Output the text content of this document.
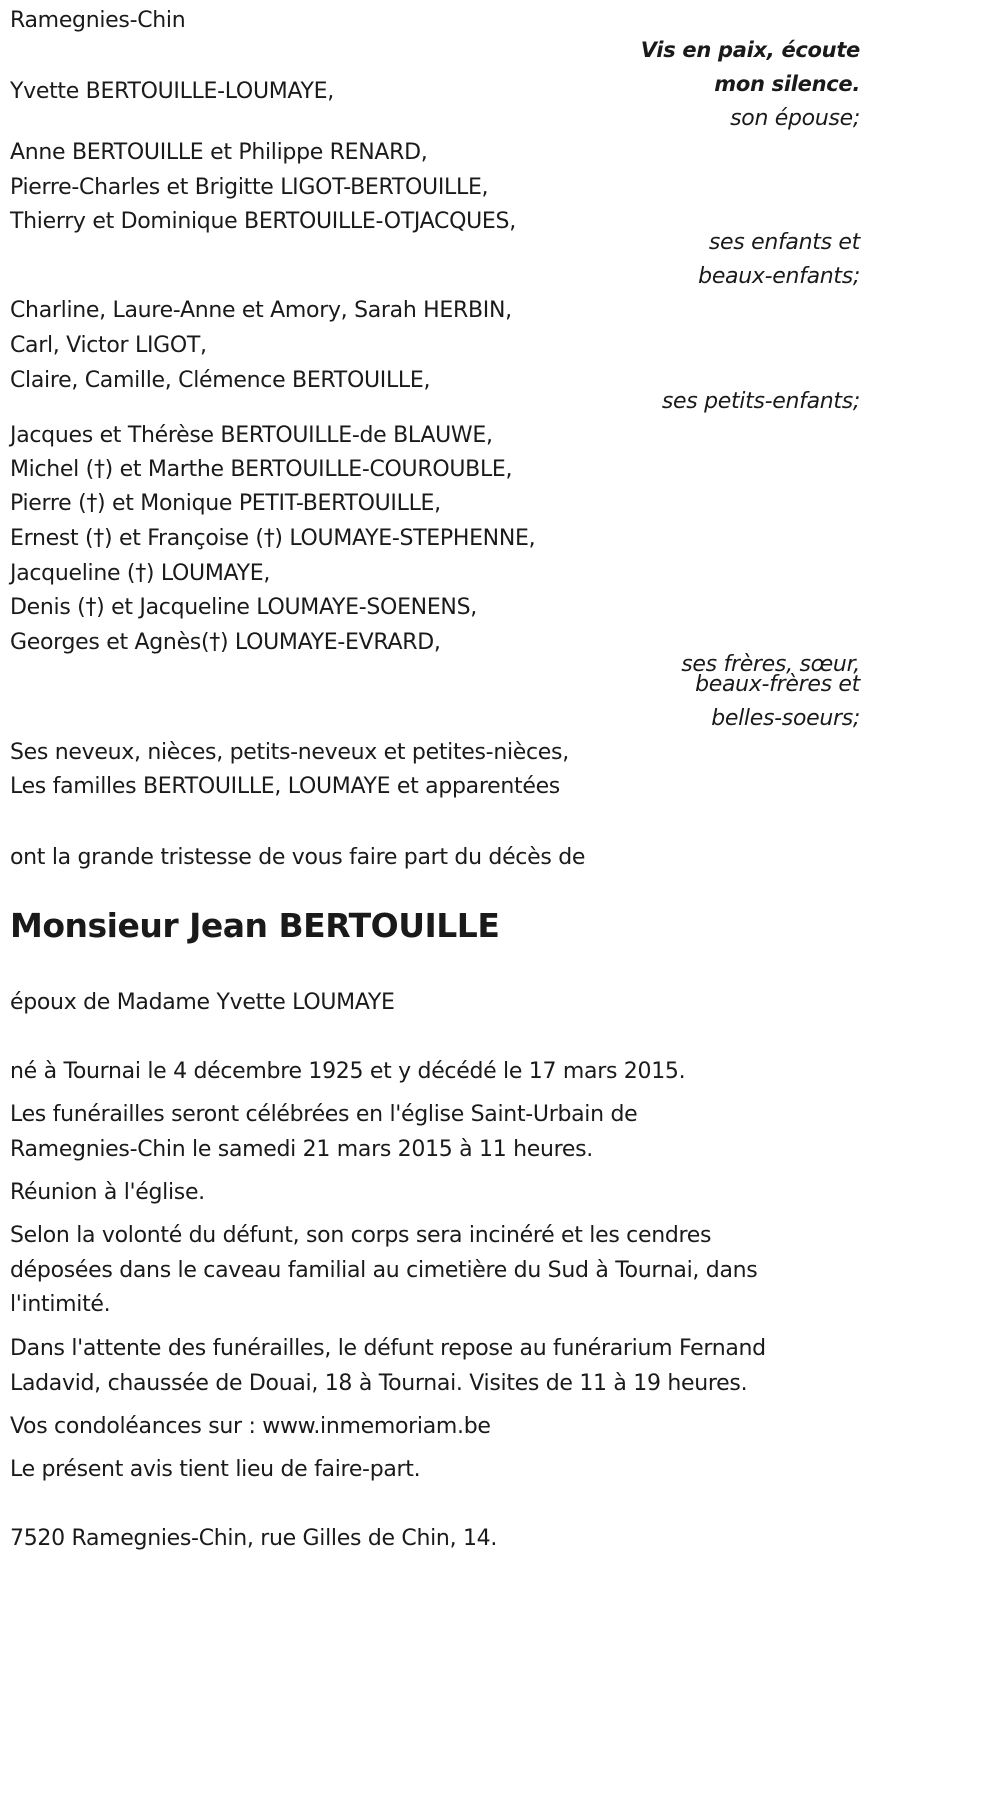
Ramegnies-Chin
Vis en paix, écoute
mon silence.
Yvette BERTOUILLE-LOUMAYE,
son épouse;
Anne BERTOUILLE et Philippe RENARD,
Pierre-Charles et Brigitte LIGOT-BERTOUILLE,
Thierry et Dominique BERTOUILLE-OTJACQUES,
ses enfants et
beaux-enfants;
Charline, Laure-Anne et Amory, Sarah HERBIN,
Carl, Victor LIGOT,
Claire, Camille, Clémence BERTOUILLE,
ses petits-enfants;
Jacques et Thérèse BERTOUILLE-de BLAUWE,
Michel (†) et Marthe BERTOUILLE-COUROUBLE,
Pierre (†) et Monique PETIT-BERTOUILLE,
Ernest (†) et Françoise (†) LOUMAYE-STEPHENNE,
Jacqueline (†) LOUMAYE,
Denis (†) et Jacqueline LOUMAYE-SOENENS,
Georges et Agnès(†) LOUMAYE-EVRARD,
ses frères, sœur,
beaux-frères et
belles-soeurs;
Ses neveux, nièces, petits-neveux et petites-nièces,
Les familles BERTOUILLE, LOUMAYE et apparentées
ont la grande tristesse de vous faire part du décès de
Monsieur Jean BERTOUILLE
époux de Madame Yvette LOUMAYE
né à Tournai le 4 décembre 1925 et y décédé le 17 mars 2015.
Les funérailles seront célébrées en l'église Saint-Urbain de
Ramegnies-Chin le samedi 21 mars 2015 à 11 heures.
Réunion à l'église.
Selon la volonté du défunt, son corps sera incinéré et les cendres
déposées dans le caveau familial au cimetière du Sud à Tournai, dans
l'intimité.
Dans l'attente des funérailles, le défunt repose au funérarium Fernand
Ladavid, chaussée de Douai, 18 à Tournai. Visites de 11 à 19 heures.
Vos condoléances sur : www.inmemoriam.be
Le présent avis tient lieu de faire-part.
7520 Ramegnies-Chin, rue Gilles de Chin, 14.
